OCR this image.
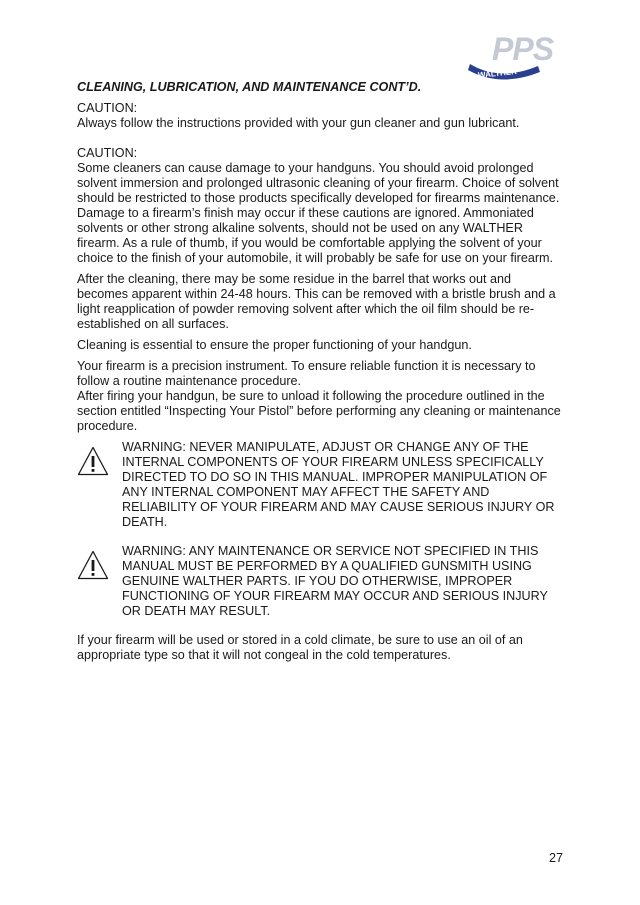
PPS
WALTHER
CLEANING, LUBRICATION, AND MAINTENANCE CONT’D.
CAUTION:
Always follow the instructions provided with your gun cleaner and gun lubricant.
CAUTION:
Some cleaners can cause damage to your handguns. You should avoid prolonged solvent immersion and prolonged ultrasonic cleaning of your firearm. Choice of solvent should be restricted to those products specifically developed for firearms maintenance. Damage to a firearm’s finish may occur if these cautions are ignored. Ammoniated solvents or other strong alkaline solvents, should not be used on any WALTHER firearm. As a rule of thumb, if you would be comfortable applying the solvent of your choice to the finish of your automobile, it will probably be safe for use on your firearm.
After the cleaning, there may be some residue in the barrel that works out and becomes apparent within 24-48 hours. This can be removed with a bristle brush and a light reapplication of powder removing solvent after which the oil film should be re-established on all surfaces.
Cleaning is essential to ensure the proper functioning of your handgun.
Your firearm is a precision instrument. To ensure reliable function it is necessary to follow a routine maintenance procedure.
After firing your handgun, be sure to unload it following the procedure outlined in the section entitled “Inspecting Your Pistol” before performing any cleaning or maintenance procedure.
WARNING: NEVER MANIPULATE, ADJUST OR CHANGE ANY OF THE INTERNAL COMPONENTS OF YOUR FIREARM UNLESS SPECIFICALLY DIRECTED TO DO SO IN THIS MANUAL. IMPROPER MANIPULATION OF ANY INTERNAL COMPONENT MAY AFFECT THE SAFETY AND RELIABILITY OF YOUR FIREARM AND MAY CAUSE SERIOUS INJURY OR DEATH.
WARNING: ANY MAINTENANCE OR SERVICE NOT SPECIFIED IN THIS MANUAL MUST BE PERFORMED BY A QUALIFIED GUNSMITH USING GENUINE WALTHER PARTS. IF YOU DO OTHERWISE, IMPROPER FUNCTIONING OF YOUR FIREARM MAY OCCUR AND SERIOUS INJURY OR DEATH MAY RESULT.
If your firearm will be used or stored in a cold climate, be sure to use an oil of an appropriate type so that it will not congeal in the cold temperatures.
27
